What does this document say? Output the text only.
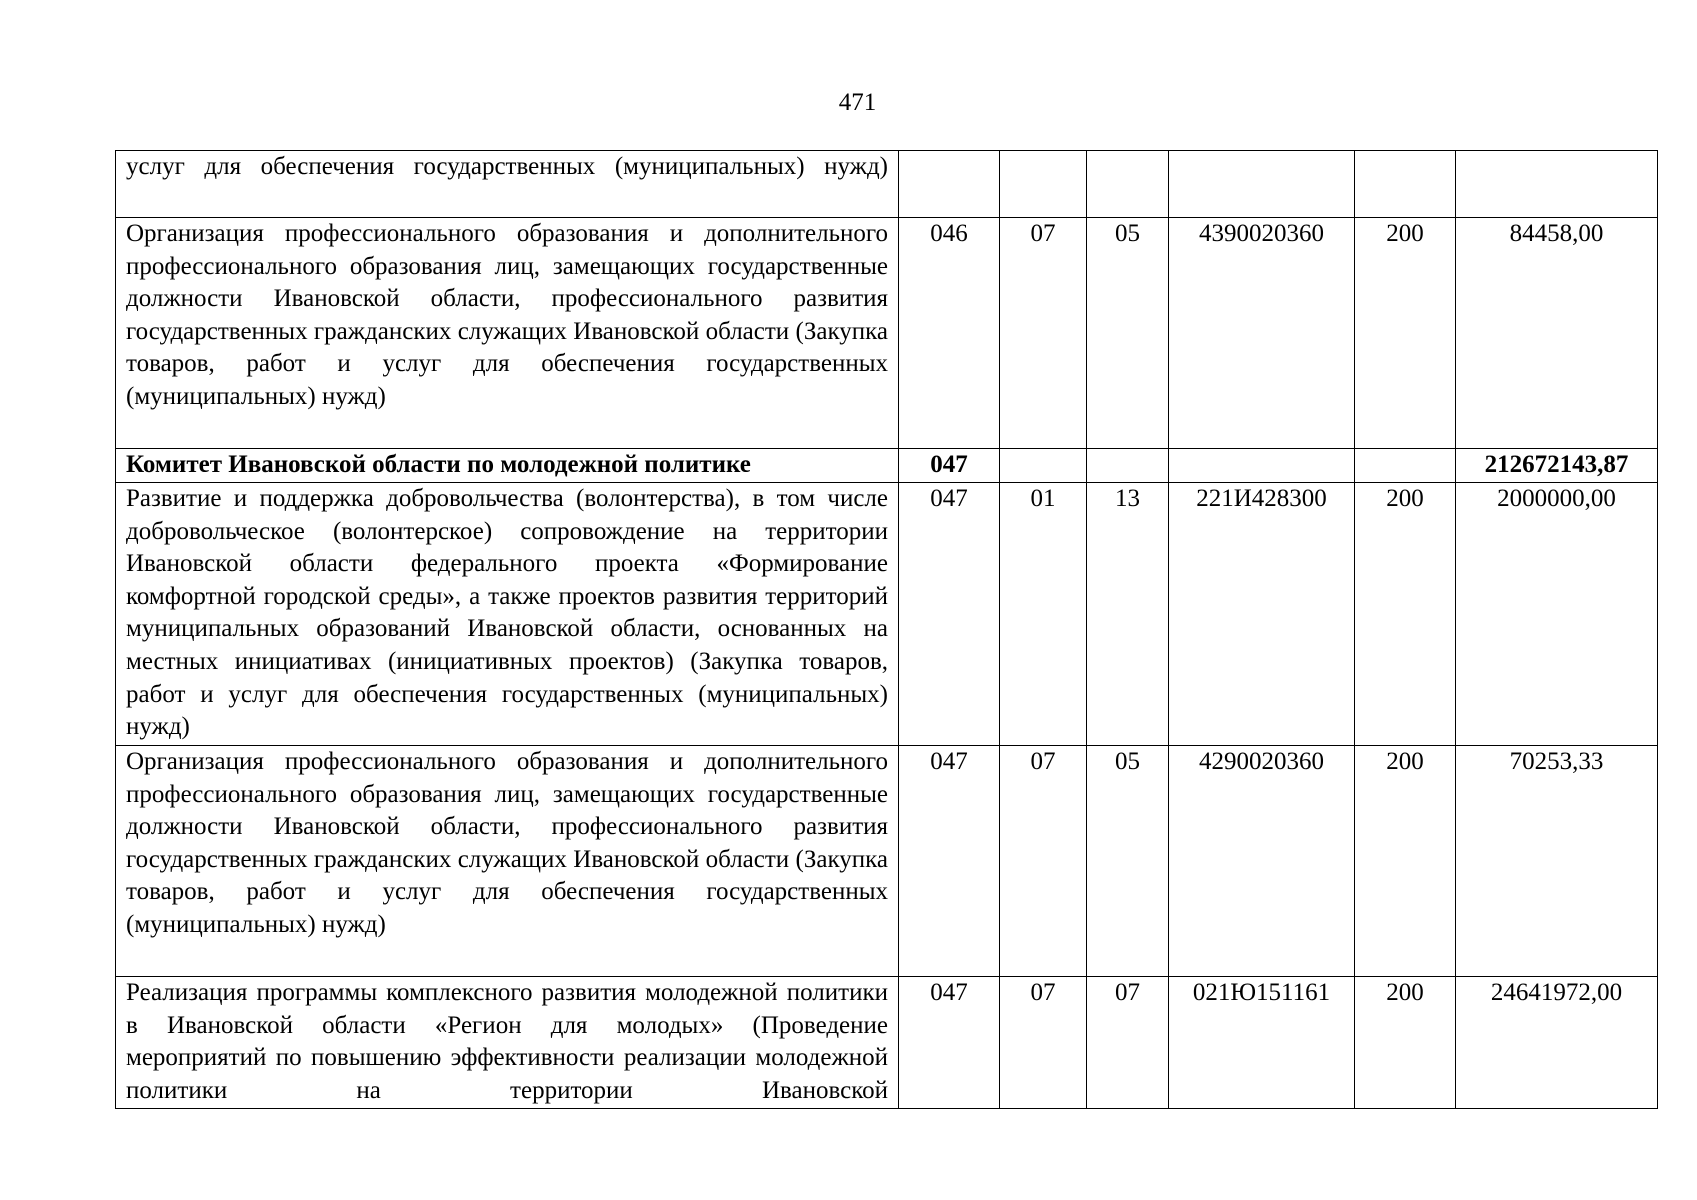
471
услуг для обеспечения государственных (муниципальных) нужд)						
Организация профессионального образования и дополнительного профессионального образования лиц, замещающих государственные должности Ивановской области, профессионального развития государственных гражданских служащих Ивановской области (Закупка товаров, работ и услуг для обеспечения государственных (муниципальных) нужд)	046	07	05	4390020360	200	84458,00
Комитет Ивановской области по молодежной политике	047					212672143,87
Развитие и поддержка добровольчества (волонтерства), в том числе добровольческое (волонтерское) сопровождение на территории Ивановской области федерального проекта «Формирование комфортной городской среды», а также проектов развития территорий муниципальных образований Ивановской области, основанных на местных инициативах (инициативных проектов) (Закупка товаров, работ и услуг для обеспечения государственных (муниципальных) нужд)	047	01	13	221И428300	200	2000000,00
Организация профессионального образования и дополнительного профессионального образования лиц, замещающих государственные должности Ивановской области, профессионального развития государственных гражданских служащих Ивановской области (Закупка товаров, работ и услуг для обеспечения государственных (муниципальных) нужд)	047	07	05	4290020360	200	70253,33
Реализация программы комплексного развития молодежной политики в Ивановской области «Регион для молодых» (Проведение мероприятий по повышению эффективности реализации молодежной политики на территории Ивановской	047	07	07	021Ю151161	200	24641972,00
